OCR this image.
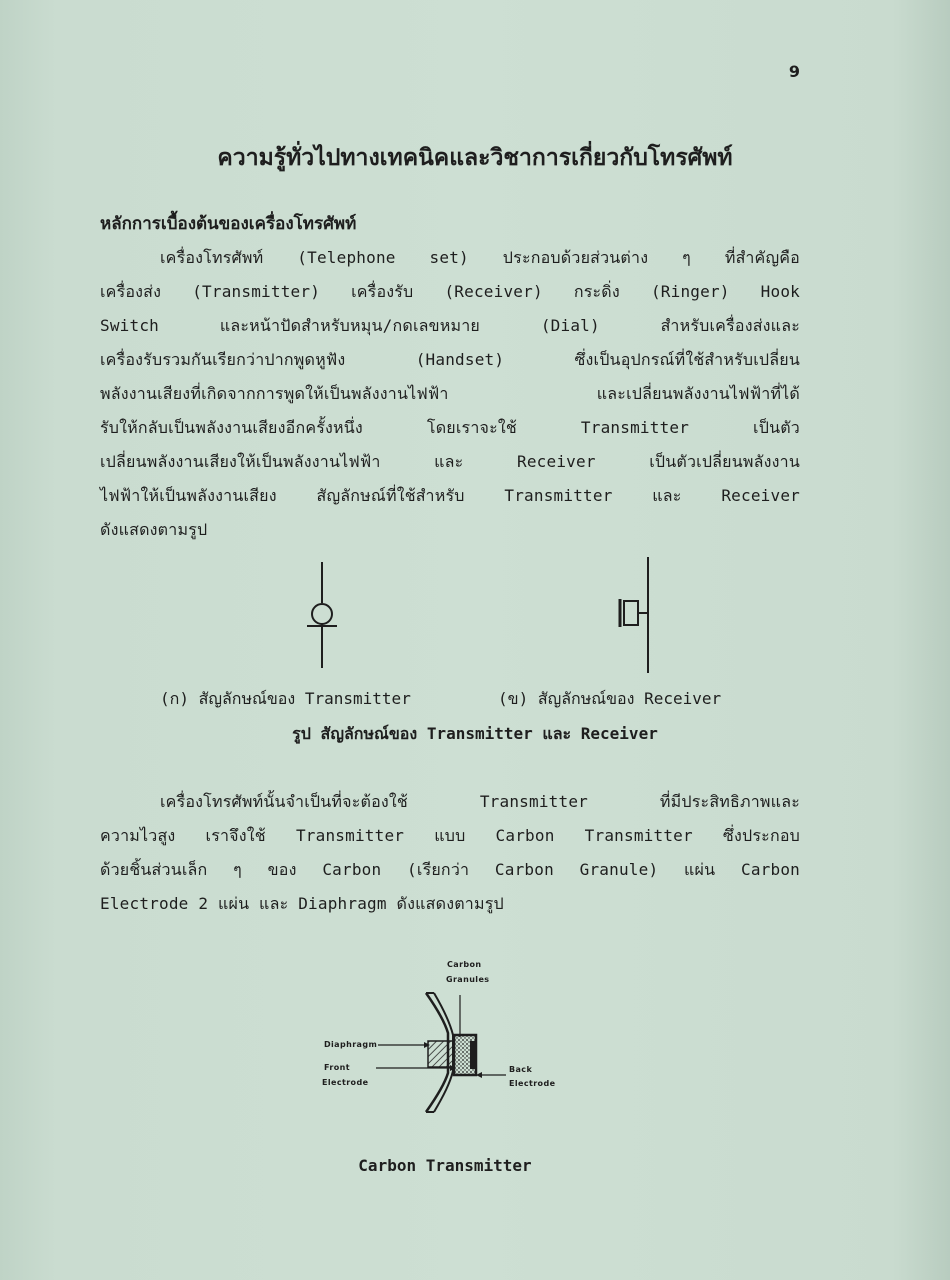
9
ความรู้ทั่วไปทางเทคนิคและวิชาการเกี่ยวกับโทรศัพท์
หลักการเบื้องต้นของเครื่องโทรศัพท์
เครื่องโทรศัพท์ (Telephone set) ประกอบด้วยส่วนต่าง ๆ ที่สำคัญคือ
เครื่องส่ง (Transmitter) เครื่องรับ (Receiver) กระดิ่ง (Ringer) Hook
Switch และหน้าปัดสำหรับหมุน/กดเลขหมาย (Dial) สำหรับเครื่องส่งและ
เครื่องรับรวมกันเรียกว่าปากพูดหูฟัง (Handset) ซึ่งเป็นอุปกรณ์ที่ใช้สำหรับเปลี่ยน
พลังงานเสียงที่เกิดจากการพูดให้เป็นพลังงานไฟฟ้า และเปลี่ยนพลังงานไฟฟ้าที่ได้
รับให้กลับเป็นพลังงานเสียงอีกครั้งหนึ่ง โดยเราจะใช้ Transmitter เป็นตัว
เปลี่ยนพลังงานเสียงให้เป็นพลังงานไฟฟ้า และ Receiver เป็นตัวเปลี่ยนพลังงาน
ไฟฟ้าให้เป็นพลังงานเสียง สัญลักษณ์ที่ใช้สำหรับ Transmitter และ Receiver
ดังแสดงตามรูป
(ก) สัญลักษณ์ของ Transmitter	(ข) สัญลักษณ์ของ Receiver
รูป สัญลักษณ์ของ Transmitter และ Receiver
เครื่องโทรศัพท์นั้นจำเป็นที่จะต้องใช้ Transmitter ที่มีประสิทธิภาพและ
ความไวสูง เราจึงใช้ Transmitter แบบ Carbon Transmitter ซึ่งประกอบ
ด้วยชิ้นส่วนเล็ก ๆ ของ Carbon (เรียกว่า Carbon Granule) แผ่น Carbon
Electrode 2 แผ่น และ Diaphragm ดังแสดงตามรูป
Carbon
Granules
Diaphragm
Front
Electrode
Back
Electrode
Carbon Transmitter
